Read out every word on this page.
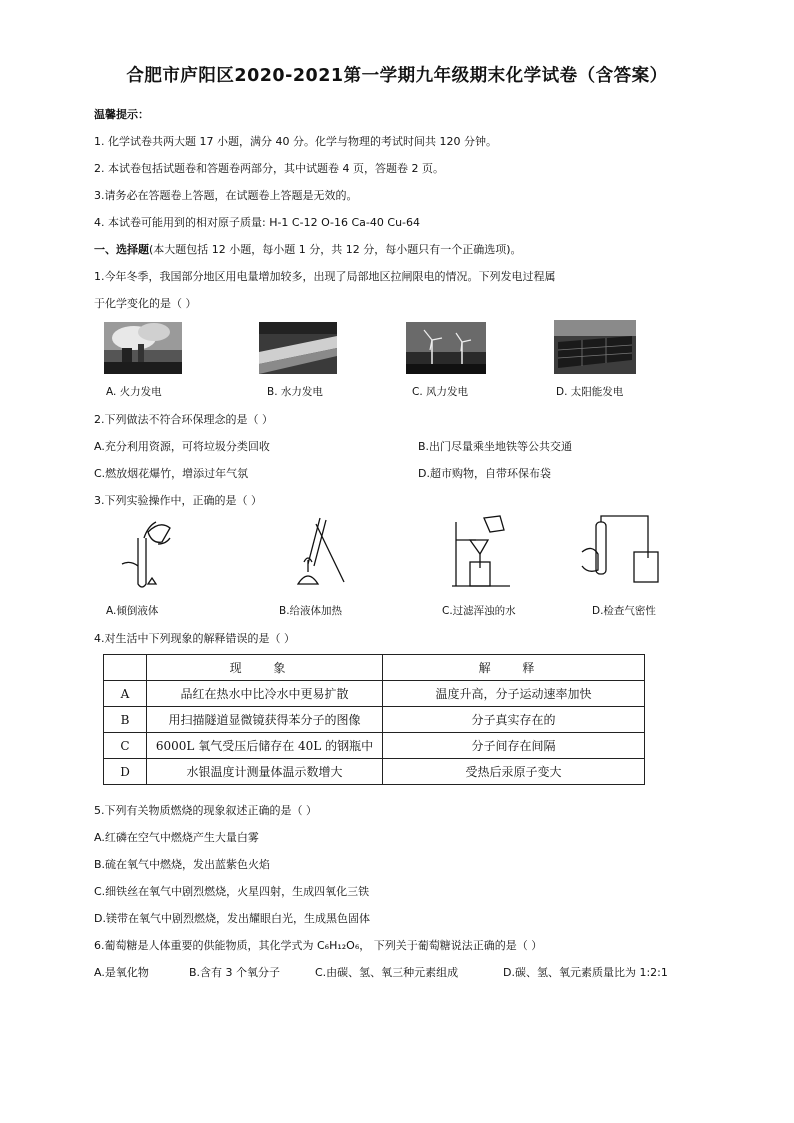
合肥市庐阳区2020-2021第一学期九年级期末化学试卷（含答案）
温馨提示：
1. 化学试卷共两大题 17 小题，满分 40 分。化学与物理的考试时间共 120 分钟。
2. 本试卷包括试题卷和答题卷两部分，其中试题卷 4 页，答题卷 2 页。
3.请务必在答题卷上答题，在试题卷上答题是无效的。
4. 本试卷可能用到的相对原子质量: H-1 C-12 O-16 Ca-40 Cu-64
一、选择题(本大题包括 12 小题，每小题 1 分，共 12 分，每小题只有一个正确选项)。
1.今年冬季，我国部分地区用电量增加较多，出现了局部地区拉闸限电的情况。下列发电过程属
于化学变化的是（ ）
A. 火力发电	B. 水力发电	C. 风力发电	D. 太阳能发电
2.下列做法不符合环保理念的是（ ）
A.充分利用资源，可将垃圾分类回收	B.出门尽量乘坐地铁等公共交通
C.燃放烟花爆竹，增添过年气氛	D.超市购物，自带环保布袋
3.下列实验操作中，正确的是（ ）
A.倾倒液体	B.给液体加热	C.过滤浑浊的水	D.检查气密性
4.对生活中下列现象的解释错误的是（ ）
	现 象	解 释
A	品红在热水中比冷水中更易扩散	温度升高，分子运动速率加快
B	用扫描隧道显微镜获得苯分子的图像	分子真实存在的
C	6000L 氧气受压后储存在 40L 的钢瓶中	分子间存在间隔
D	水银温度计测量体温示数增大	受热后汞原子变大
5.下列有关物质燃烧的现象叙述正确的是（ ）
A.红磷在空气中燃烧产生大量白雾
B.硫在氧气中燃烧，发出蓝紫色火焰
C.细铁丝在氧气中剧烈燃烧，火星四射，生成四氧化三铁
D.镁带在氧气中剧烈燃烧，发出耀眼白光，生成黑色固体
6.葡萄糖是人体重要的供能物质，其化学式为 C₆H₁₂O₆， 下列关于葡萄糖说法正确的是（ ）
A.是氧化物	B.含有 3 个氧分子	C.由碳、氢、氧三种元素组成	D.碳、氢、氧元素质量比为 1:2:1
